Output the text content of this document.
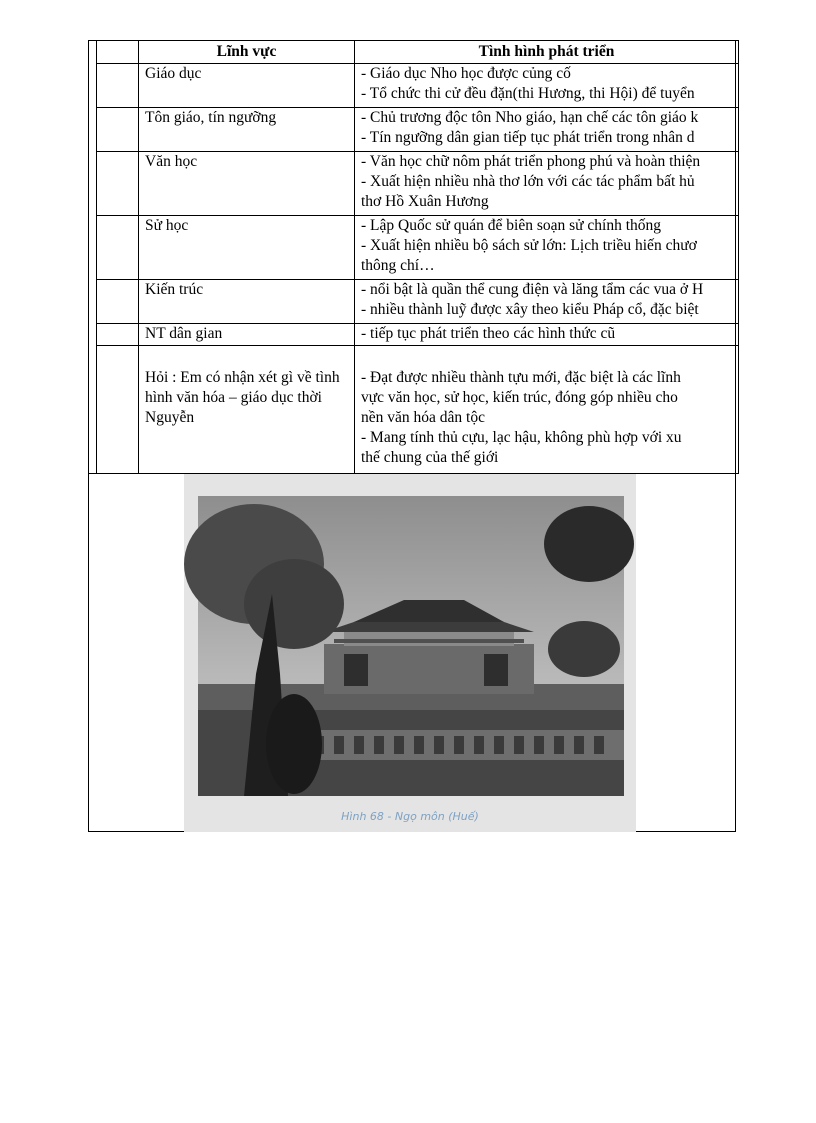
		Lĩnh vực	Tình hình phát triển
		Giáo dục	- Giáo dục Nho học được củng cố
- Tổ chức thi cử đều đặn(thi Hương, thi Hội) để tuyển

		Tôn giáo, tín ngưỡng	- Chủ trương độc tôn Nho giáo, hạn chế các tôn giáo k
- Tín ngưỡng dân gian tiếp tục phát triển trong nhân d

		Văn học	- Văn học chữ nôm phát triển phong phú và hoàn thiện
- Xuất hiện nhiều nhà thơ lớn với các tác phẩm bất hủ
thơ Hồ Xuân Hương

		Sử học	- Lập Quốc sử quán để biên soạn sử chính thống
- Xuất hiện nhiều bộ sách sử lớn: Lịch triều hiến chươ
thông chí…

		Kiến trúc	- nổi bật là quần thể cung điện và lăng tẩm các vua ở H
- nhiều thành luỹ được xây theo kiểu Pháp cổ, đặc biệt

		NT dân gian	- tiếp tục phát triển theo các hình thức cũ

		Hỏi : Em có nhận xét gì về tình hình văn hóa – giáo dục thời Nguyễn	- Đạt được nhiều thành tựu mới, đặc biệt là các lĩnh
vực văn học, sử học, kiến trúc, đóng góp nhiều cho
nền văn hóa dân tộc
- Mang tính thủ cựu, lạc hậu, không phù hợp với xu
thế chung của thế giới
Hình 68 - Ngọ môn (Huế)
